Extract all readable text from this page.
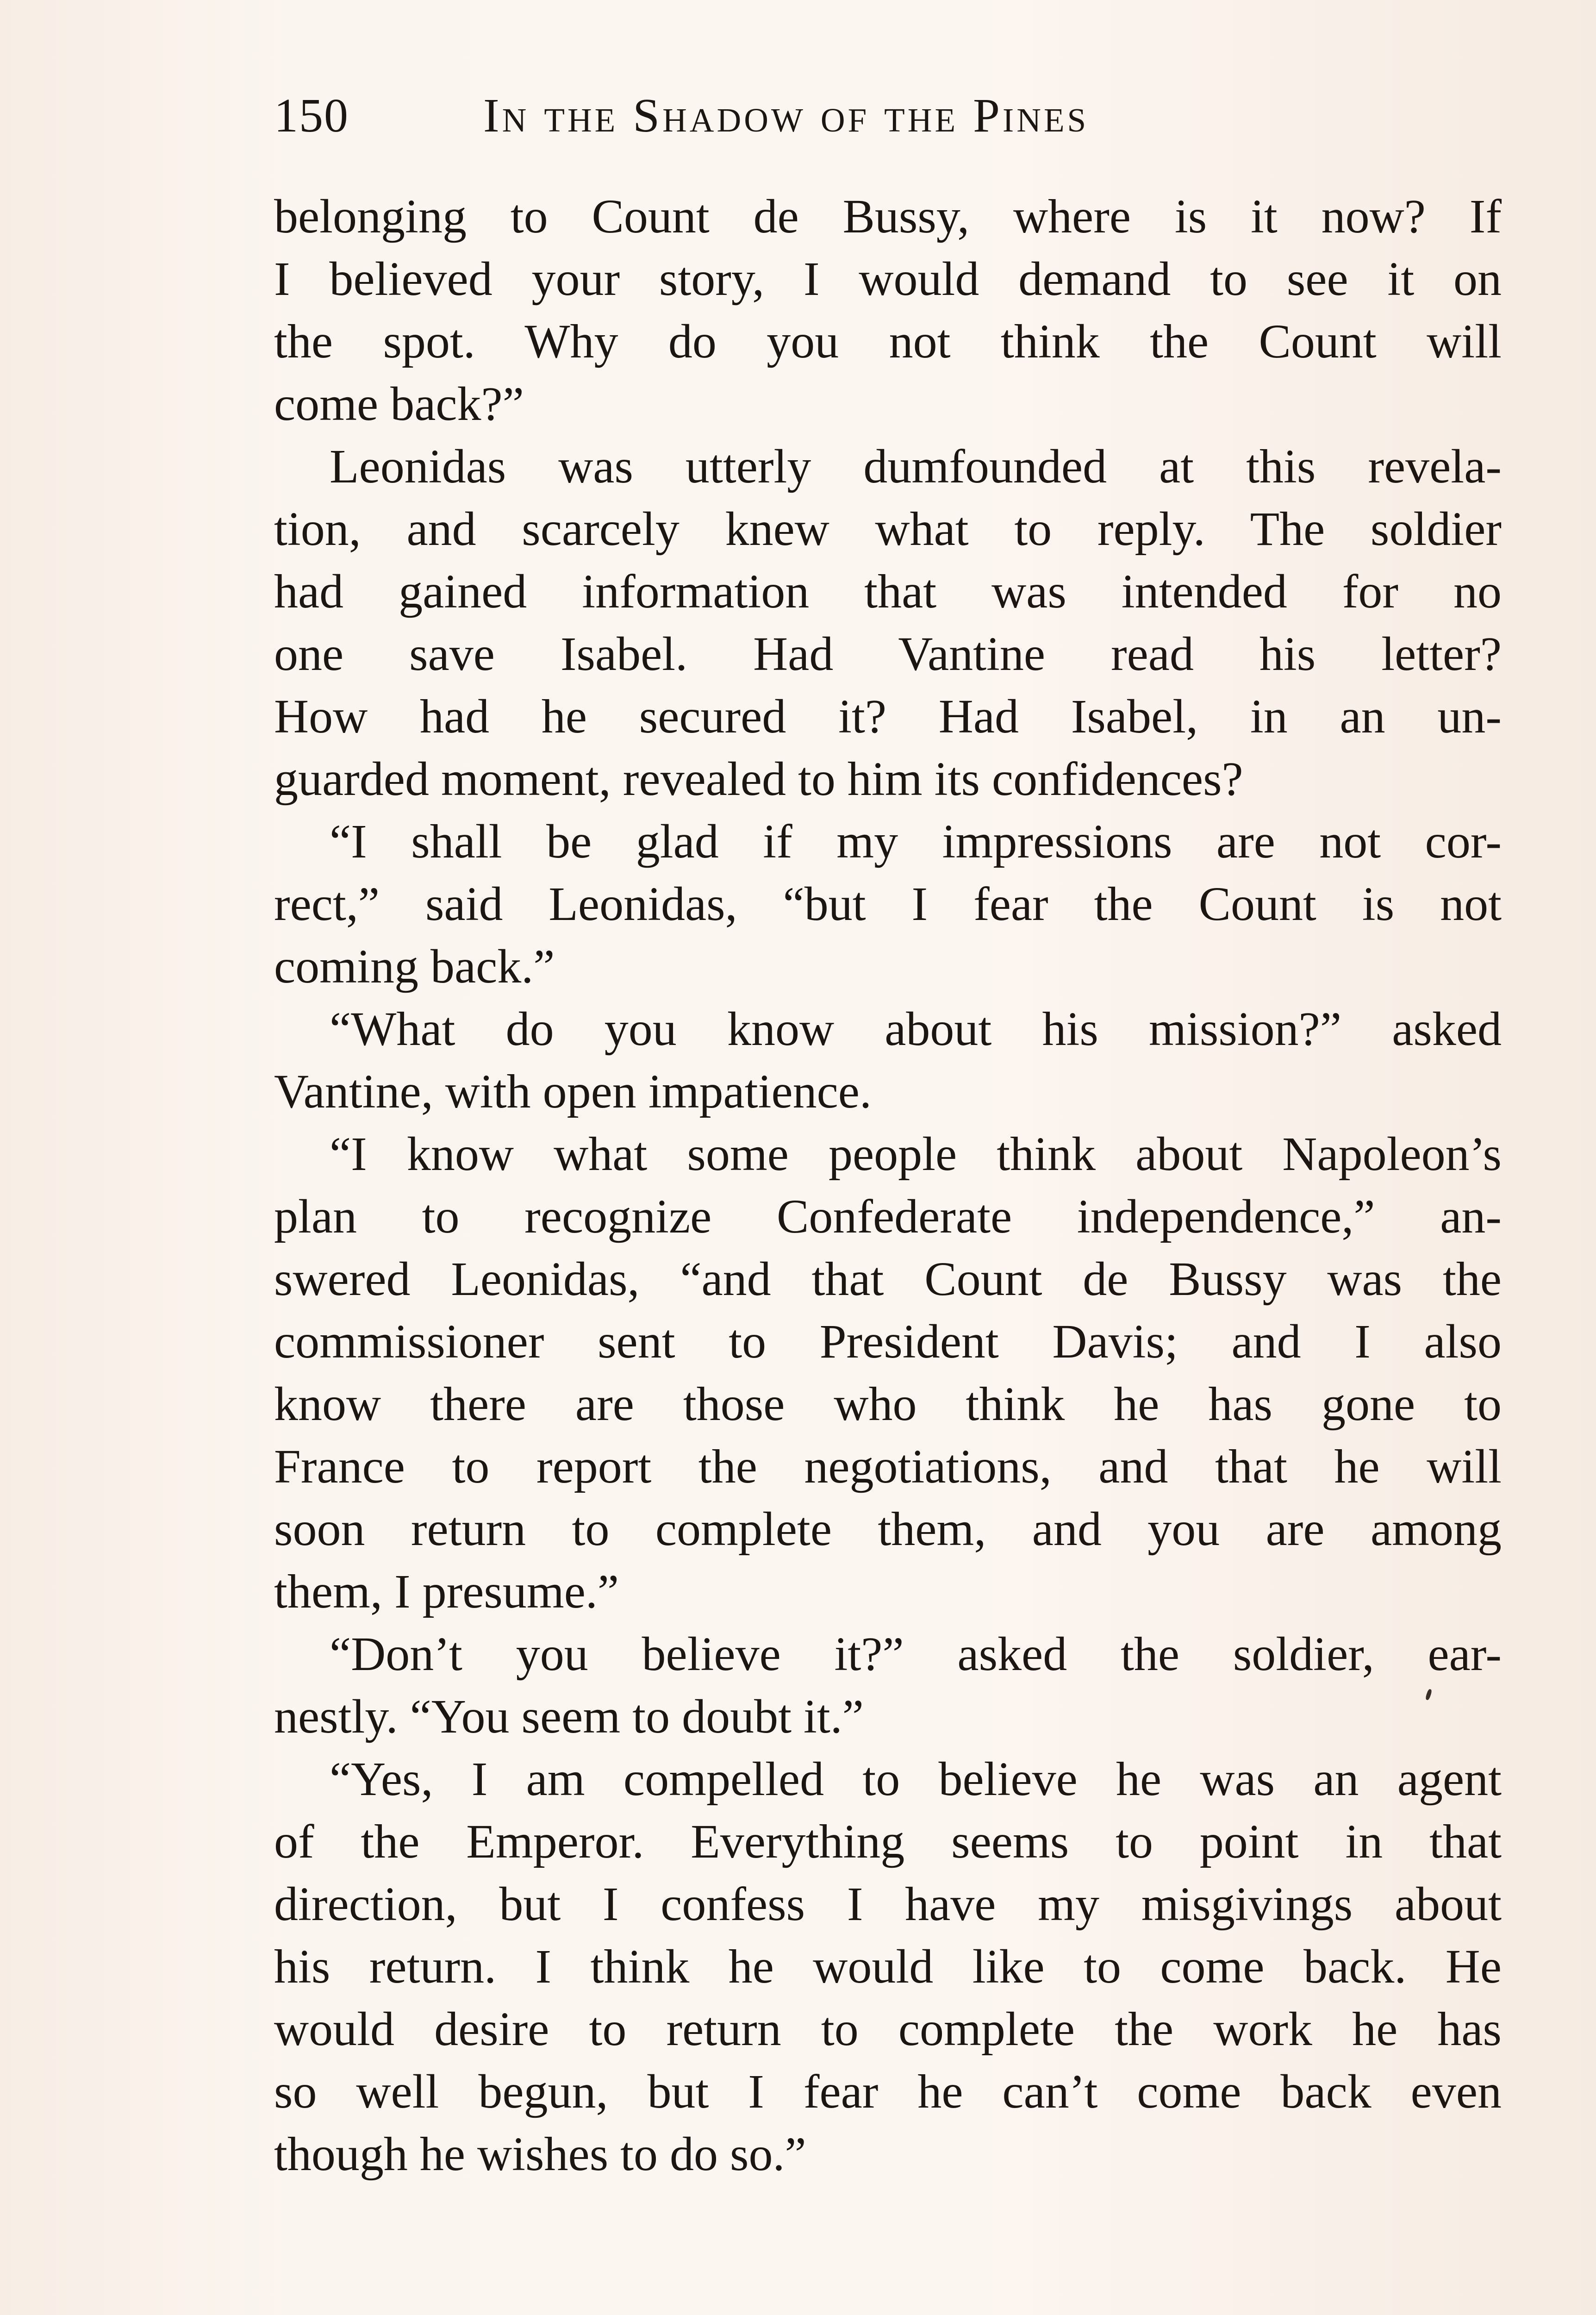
150	In the Shadow of the Pines
belonging to Count de Bussy, where is it now? If
I believed your story, I would demand to see it on
the spot. Why do you not think the Count will
come back?”
Leonidas was utterly dumfounded at this revela-
tion, and scarcely knew what to reply. The soldier
had gained information that was intended for no
one save Isabel. Had Vantine read his letter?
How had he secured it? Had Isabel, in an un-
guarded moment, revealed to him its confidences?
“I shall be glad if my impressions are not cor-
rect,” said Leonidas, “but I fear the Count is not
coming back.”
“What do you know about his mission?” asked
Vantine, with open impatience.
“I know what some people think about Napoleon’s
plan to recognize Confederate independence,” an-
swered Leonidas, “and that Count de Bussy was the
commissioner sent to President Davis; and I also
know there are those who think he has gone to
France to report the negotiations, and that he will
soon return to complete them, and you are among
them, I presume.”
“Don’t you believe it?” asked the soldier, ear-
nestly. “You seem to doubt it.”
“Yes, I am compelled to believe he was an agent
of the Emperor. Everything seems to point in that
direction, but I confess I have my misgivings about
his return. I think he would like to come back. He
would desire to return to complete the work he has
so well begun, but I fear he can’t come back even
though he wishes to do so.”
